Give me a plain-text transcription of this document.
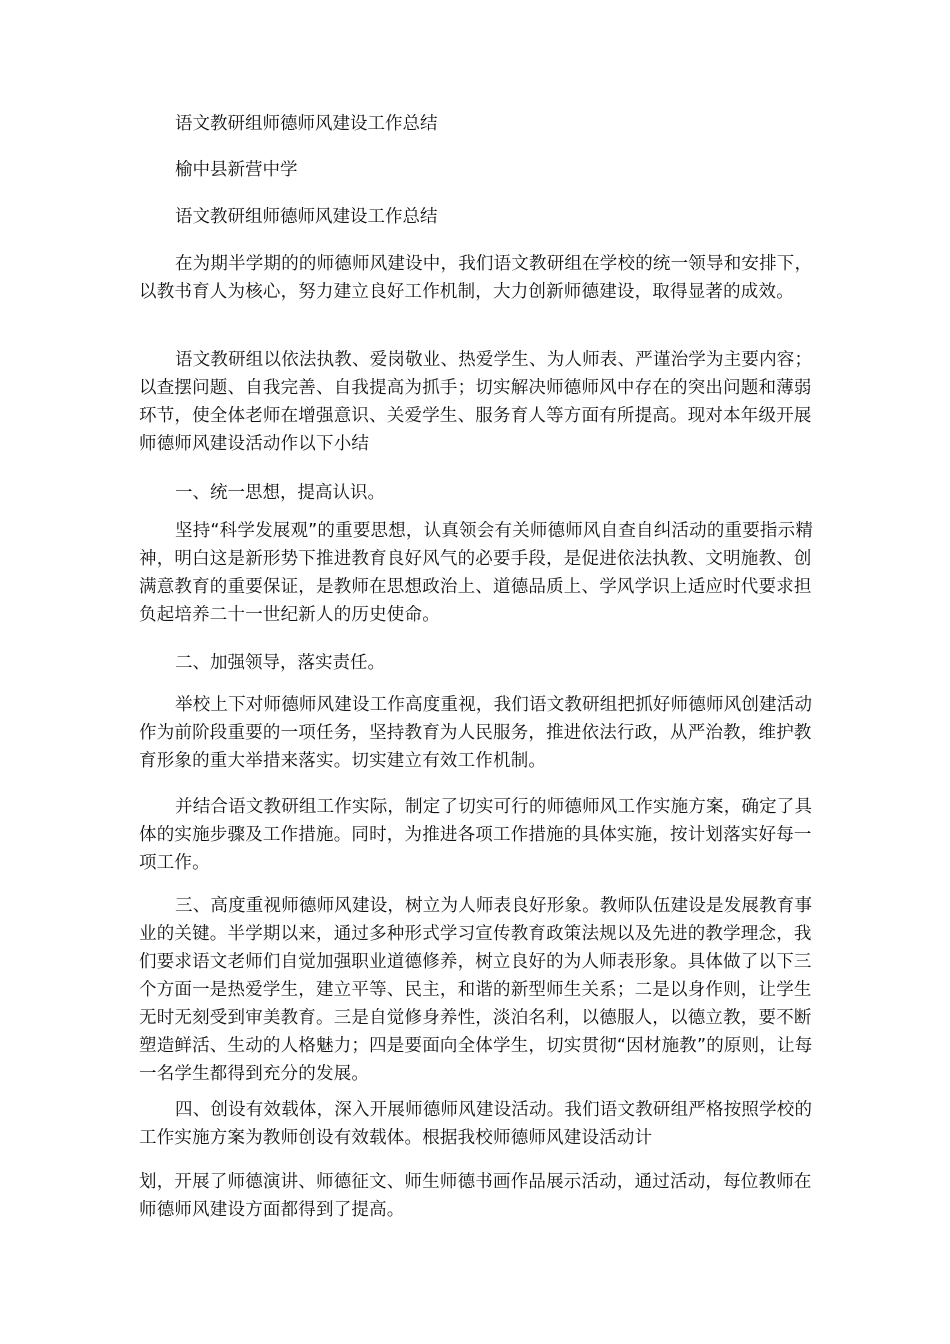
语文教研组师德师风建设工作总结
榆中县新营中学
语文教研组师德师风建设工作总结
在为期半学期的的师德师风建设中，我们语文教研组在学校的统一领导和安排下，以教书育人为核心，努力建立良好工作机制，大力创新师德建设，取得显著的成效。
语文教研组以依法执教、爱岗敬业、热爱学生、为人师表、严谨治学为主要内容；以查摆问题、自我完善、自我提高为抓手；切实解决师德师风中存在的突出问题和薄弱环节，使全体老师在增强意识、关爱学生、服务育人等方面有所提高。现对本年级开展师德师风建设活动作以下小结
一、统一思想，提高认识。
坚持“科学发展观”的重要思想，认真领会有关师德师风自查自纠活动的重要指示精神，明白这是新形势下推进教育良好风气的必要手段，是促进依法执教、文明施教、创满意教育的重要保证，是教师在思想政治上、道德品质上、学风学识上适应时代要求担负起培养二十一世纪新人的历史使命。
二、加强领导，落实责任。
举校上下对师德师风建设工作高度重视，我们语文教研组把抓好师德师风创建活动作为前阶段重要的一项任务，坚持教育为人民服务，推进依法行政，从严治教，维护教育形象的重大举措来落实。切实建立有效工作机制。
并结合语文教研组工作实际，制定了切实可行的师德师风工作实施方案，确定了具体的实施步骤及工作措施。同时，为推进各项工作措施的具体实施，按计划落实好每一项工作。
三、高度重视师德师风建设，树立为人师表良好形象。教师队伍建设是发展教育事业的关键。半学期以来，通过多种形式学习宣传教育政策法规以及先进的教学理念，我们要求语文老师们自觉加强职业道德修养，树立良好的为人师表形象。具体做了以下三个方面一是热爱学生，建立平等、民主，和谐的新型师生关系；二是以身作则，让学生无时无刻受到审美教育。三是自觉修身养性，淡泊名利，以德服人，以德立教，要不断塑造鲜活、生动的人格魅力；四是要面向全体学生，切实贯彻“因材施教”的原则，让每一名学生都得到充分的发展。
四、创设有效载体，深入开展师德师风建设活动。我们语文教研组严格按照学校的工作实施方案为教师创设有效载体。根据我校师德师风建设活动计
划，开展了师德演讲、师德征文、师生师德书画作品展示活动，通过活动，每位教师在师德师风建设方面都得到了提高。
